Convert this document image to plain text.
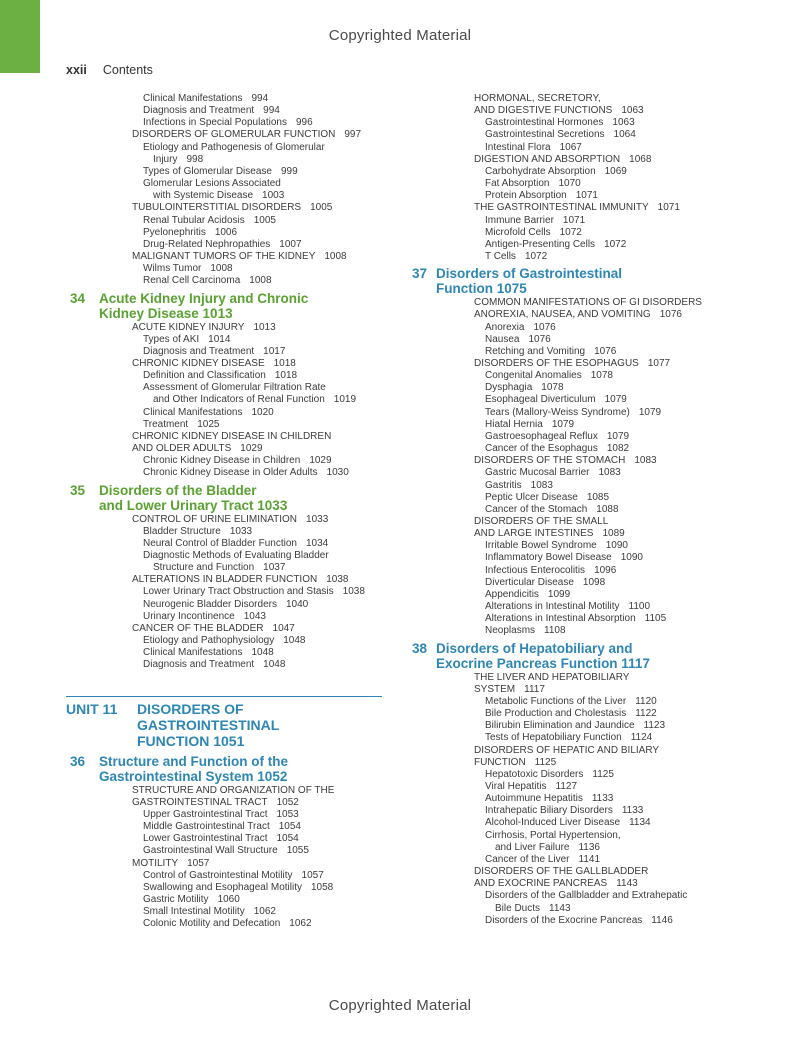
Copyrighted Material
xxii Contents
Clinical Manifestations 994
Diagnosis and Treatment 994
Infections in Special Populations 996
DISORDERS OF GLOMERULAR FUNCTION 997
Etiology and Pathogenesis of Glomerular
Injury 998
Types of Glomerular Disease 999
Glomerular Lesions Associated
with Systemic Disease 1003
TUBULOINTERSTITIAL DISORDERS 1005
Renal Tubular Acidosis 1005
Pyelonephritis 1006
Drug-Related Nephropathies 1007
MALIGNANT TUMORS OF THE KIDNEY 1008
Wilms Tumor 1008
Renal Cell Carcinoma 1008
34	Acute Kidney Injury and Chronic
Kidney Disease 1013
ACUTE KIDNEY INJURY 1013
Types of AKI 1014
Diagnosis and Treatment 1017
CHRONIC KIDNEY DISEASE 1018
Definition and Classification 1018
Assessment of Glomerular Filtration Rate
and Other Indicators of Renal Function 1019
Clinical Manifestations 1020
Treatment 1025
CHRONIC KIDNEY DISEASE IN CHILDREN
AND OLDER ADULTS 1029
Chronic Kidney Disease in Children 1029
Chronic Kidney Disease in Older Adults 1030
35	Disorders of the Bladder
and Lower Urinary Tract 1033
CONTROL OF URINE ELIMINATION 1033
Bladder Structure 1033
Neural Control of Bladder Function 1034
Diagnostic Methods of Evaluating Bladder
Structure and Function 1037
ALTERATIONS IN BLADDER FUNCTION 1038
Lower Urinary Tract Obstruction and Stasis 1038
Neurogenic Bladder Disorders 1040
Urinary Incontinence 1043
CANCER OF THE BLADDER 1047
Etiology and Pathophysiology 1048
Clinical Manifestations 1048
Diagnosis and Treatment 1048
UNIT 11	DISORDERS OF
GASTROINTESTINAL
FUNCTION 1051
36	Structure and Function of the
Gastrointestinal System 1052
STRUCTURE AND ORGANIZATION OF THE
GASTROINTESTINAL TRACT 1052
Upper Gastrointestinal Tract 1053
Middle Gastrointestinal Tract 1054
Lower Gastrointestinal Tract 1054
Gastrointestinal Wall Structure 1055
MOTILITY 1057
Control of Gastrointestinal Motility 1057
Swallowing and Esophageal Motility 1058
Gastric Motility 1060
Small Intestinal Motility 1062
Colonic Motility and Defecation 1062
HORMONAL, SECRETORY,
AND DIGESTIVE FUNCTIONS 1063
Gastrointestinal Hormones 1063
Gastrointestinal Secretions 1064
Intestinal Flora 1067
DIGESTION AND ABSORPTION 1068
Carbohydrate Absorption 1069
Fat Absorption 1070
Protein Absorption 1071
THE GASTROINTESTINAL IMMUNITY 1071
Immune Barrier 1071
Microfold Cells 1072
Antigen-Presenting Cells 1072
T Cells 1072
37 Disorders of Gastrointestinal
Function 1075
COMMON MANIFESTATIONS OF GI DISORDERS
ANOREXIA, NAUSEA, AND VOMITING 1076
Anorexia 1076
Nausea 1076
Retching and Vomiting 1076
DISORDERS OF THE ESOPHAGUS 1077
Congenital Anomalies 1078
Dysphagia 1078
Esophageal Diverticulum 1079
Tears (Mallory-Weiss Syndrome) 1079
Hiatal Hernia 1079
Gastroesophageal Reflux 1079
Cancer of the Esophagus 1082
DISORDERS OF THE STOMACH 1083
Gastric Mucosal Barrier 1083
Gastritis 1083
Peptic Ulcer Disease 1085
Cancer of the Stomach 1088
DISORDERS OF THE SMALL
AND LARGE INTESTINES 1089
Irritable Bowel Syndrome 1090
Inflammatory Bowel Disease 1090
Infectious Enterocolitis 1096
Diverticular Disease 1098
Appendicitis 1099
Alterations in Intestinal Motility 1100
Alterations in Intestinal Absorption 1105
Neoplasms 1108
38 Disorders of Hepatobiliary and
Exocrine Pancreas Function 1117
THE LIVER AND HEPATOBILIARY
SYSTEM 1117
Metabolic Functions of the Liver 1120
Bile Production and Cholestasis 1122
Bilirubin Elimination and Jaundice 1123
Tests of Hepatobiliary Function 1124
DISORDERS OF HEPATIC AND BILIARY
FUNCTION 1125
Hepatotoxic Disorders 1125
Viral Hepatitis 1127
Autoimmune Hepatitis 1133
Intrahepatic Biliary Disorders 1133
Alcohol-Induced Liver Disease 1134
Cirrhosis, Portal Hypertension,
and Liver Failure 1136
Cancer of the Liver 1141
DISORDERS OF THE GALLBLADDER
AND EXOCRINE PANCREAS 1143
Disorders of the Gallbladder and Extrahepatic
Bile Ducts 1143
Disorders of the Exocrine Pancreas 1146
Copyrighted Material
